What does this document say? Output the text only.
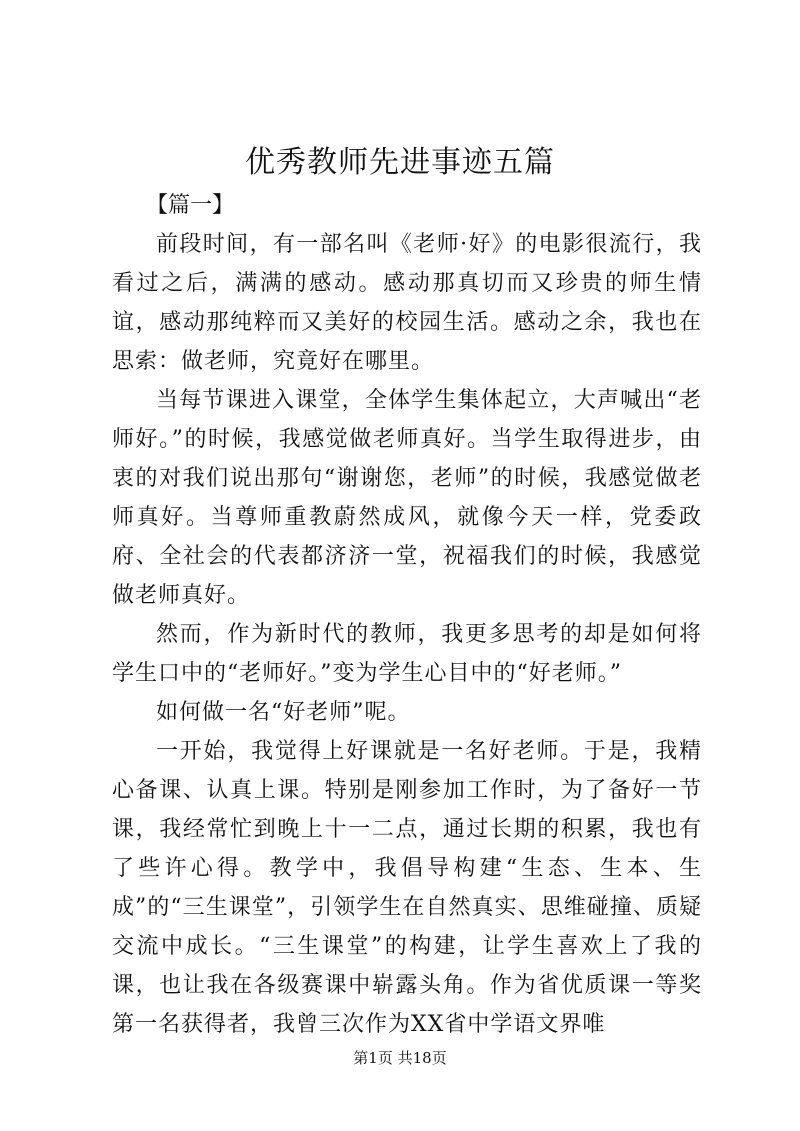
优秀教师先进事迹五篇
【篇一】

前段时间，有一部名叫《老师·好》的电影很流行，我看过之后，满满的感动。感动那真切而又珍贵的师生情谊，感动那纯粹而又美好的校园生活。感动之余，我也在思索：做老师，究竟好在哪里。

当每节课进入课堂，全体学生集体起立，大声喊出“老师好。”的时候，我感觉做老师真好。当学生取得进步，由衷的对我们说出那句“谢谢您，老师”的时候，我感觉做老师真好。当尊师重教蔚然成风，就像今天一样，党委政府、全社会的代表都济济一堂，祝福我们的时候，我感觉做老师真好。

然而，作为新时代的教师，我更多思考的却是如何将学生口中的“老师好。”变为学生心目中的“好老师。”

如何做一名“好老师”呢。

一开始，我觉得上好课就是一名好老师。于是，我精心备课、认真上课。特别是刚参加工作时，为了备好一节课，我经常忙到晚上十一二点，通过长期的积累，我也有了些许心得。教学中，我倡导构建“生态、生本、生成”的“三生课堂”，引领学生在自然真实、思维碰撞、质疑交流中成长。“三生课堂”的构建，让学生喜欢上了我的课，也让我在各级赛课中崭露头角。作为省优质课一等奖第一名获得者，我曾三次作为XX省中学语文界唯

第1页 共18页
